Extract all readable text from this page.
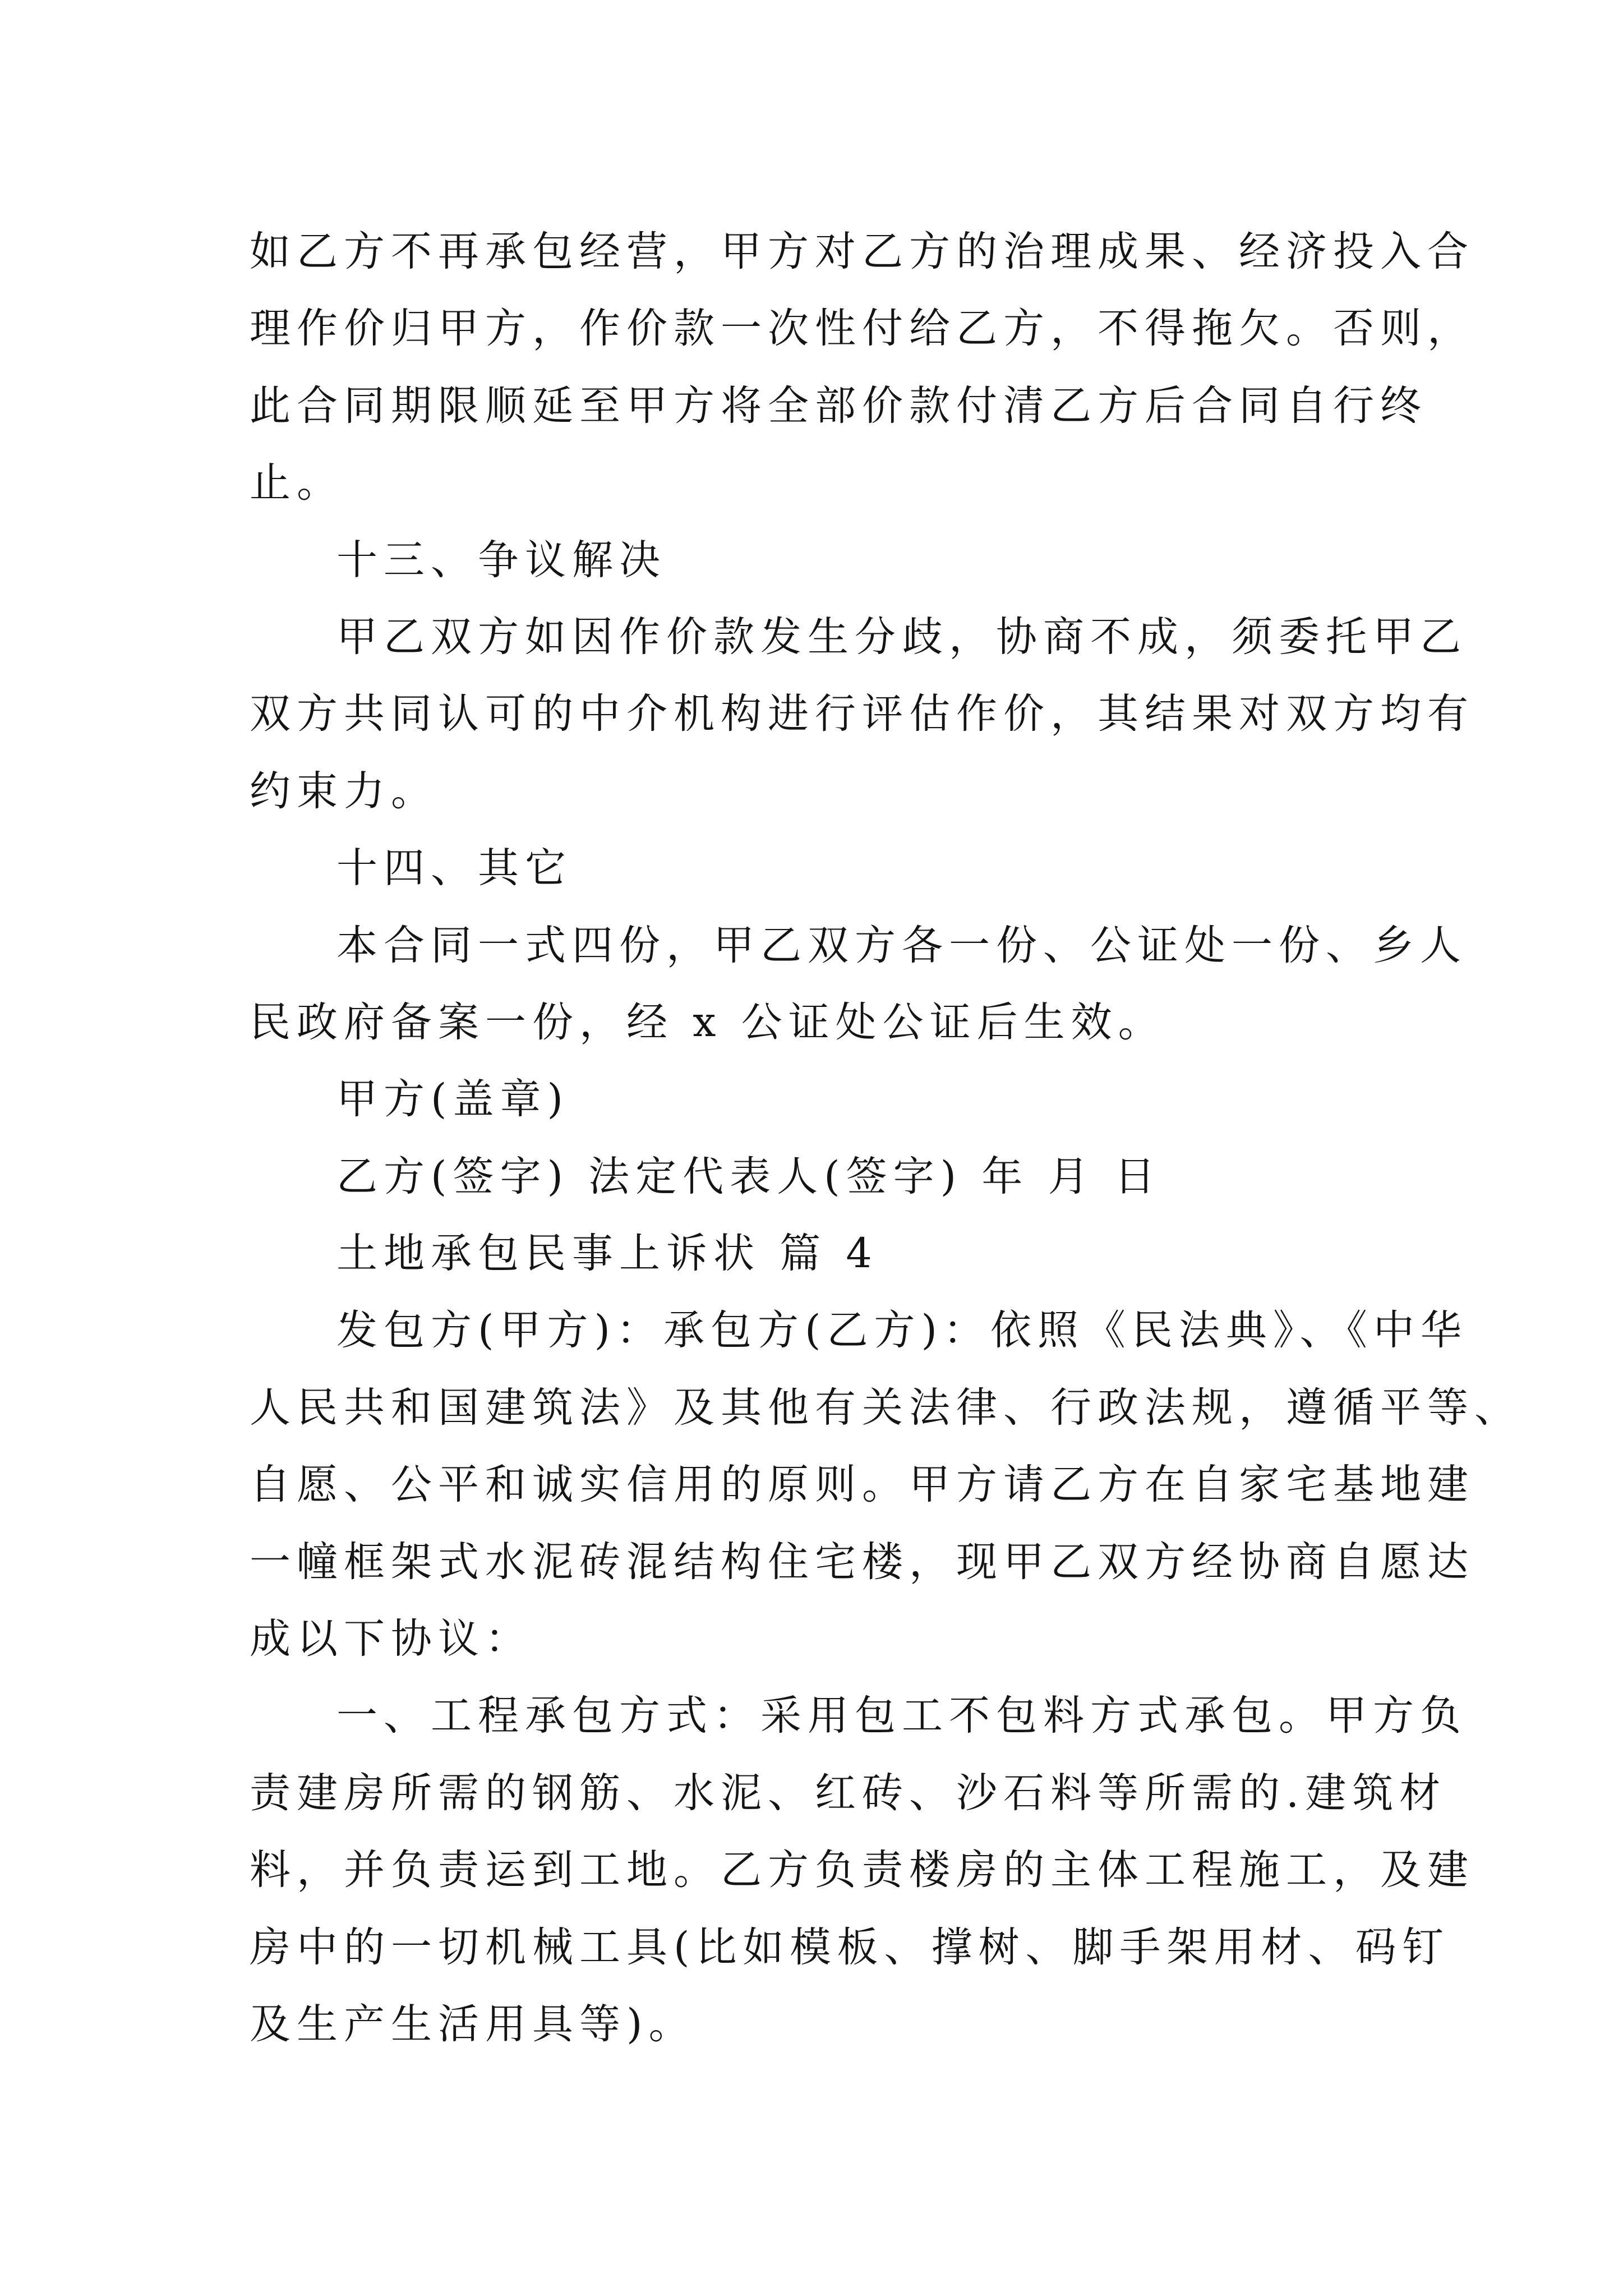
如乙方不再承包经营，甲方对乙方的治理成果、经济投入合
理作价归甲方，作价款一次性付给乙方，不得拖欠。否则，
此合同期限顺延至甲方将全部价款付清乙方后合同自行终
止。
十三、争议解决
甲乙双方如因作价款发生分歧，协商不成，须委托甲乙
双方共同认可的中介机构进行评估作价，其结果对双方均有
约束力。
十四、其它
本合同一式四份，甲乙双方各一份、公证处一份、乡人
民政府备案一份，经 x 公证处公证后生效。
甲方(盖章)
乙方(签字) 法定代表人(签字) 年 月 日
土地承包民事上诉状 篇 4
发包方(甲方)：承包方(乙方)：依照《民法典》、《中华
人民共和国建筑法》及其他有关法律、行政法规，遵循平等、
自愿、公平和诚实信用的原则。甲方请乙方在自家宅基地建
一幢框架式水泥砖混结构住宅楼，现甲乙双方经协商自愿达
成以下协议：
一、工程承包方式：采用包工不包料方式承包。甲方负
责建房所需的钢筋、水泥、红砖、沙石料等所需的.建筑材
料，并负责运到工地。乙方负责楼房的主体工程施工，及建
房中的一切机械工具(比如模板、撑树、脚手架用材、码钉
及生产生活用具等)。
